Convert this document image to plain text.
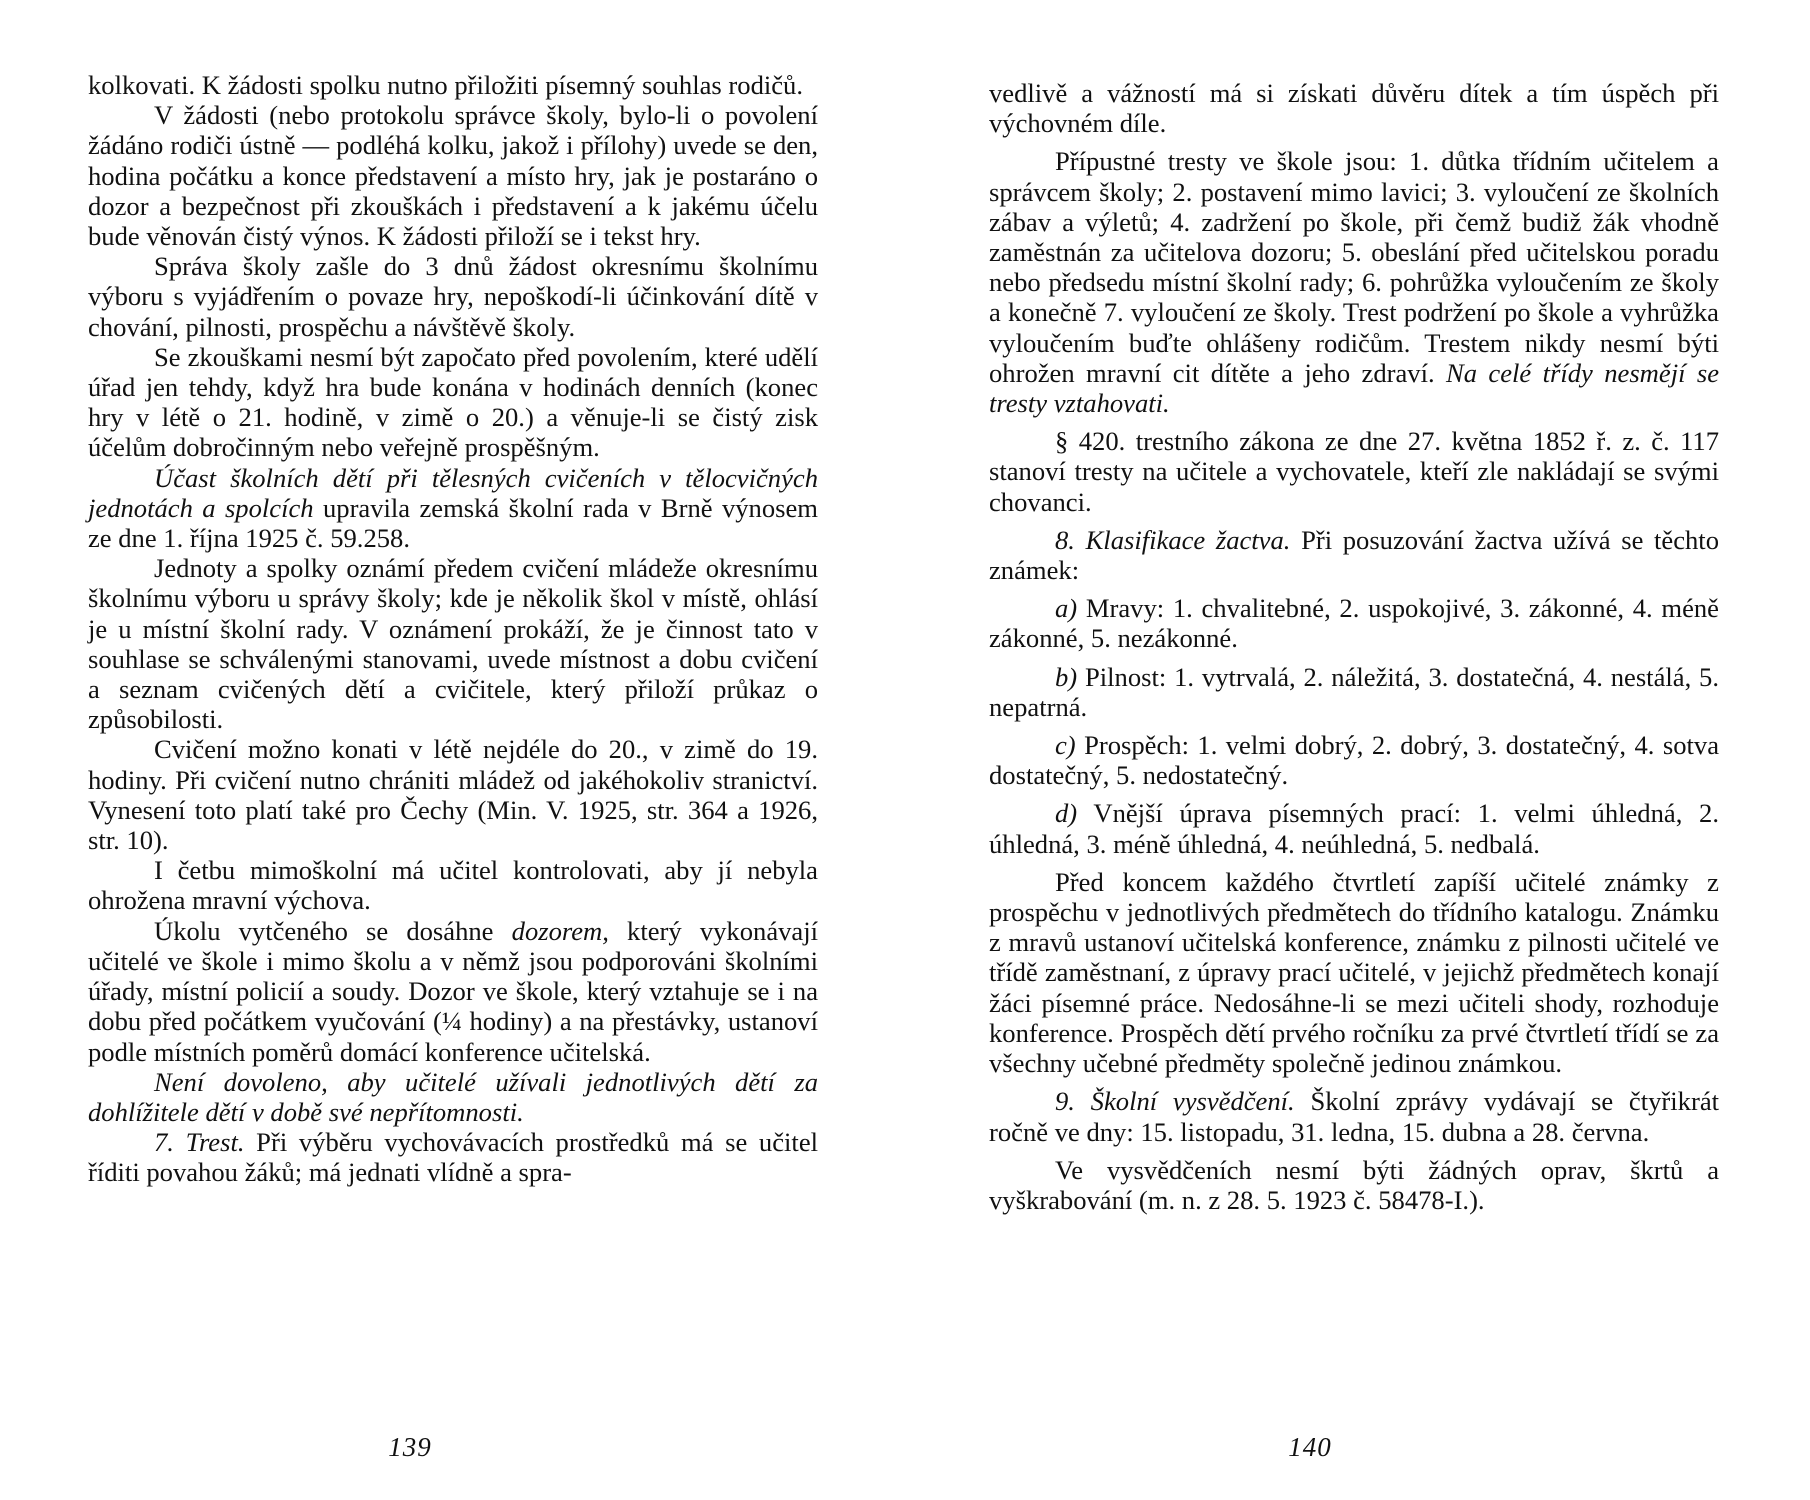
kolkovati. K žádosti spolku nutno přiložiti písemný souhlas rodičů.

V žádosti (nebo protokolu správce školy, bylo-li o povolení žádáno rodiči ústně — podléhá kolku, jakož i přílohy) uvede se den, hodina počátku a konce představení a místo hry, jak je postaráno o dozor a bezpečnost při zkouškách i představení a k jakému účelu bude věnován čistý výnos. K žádosti přiloží se i tekst hry.

Správa školy zašle do 3 dnů žádost okresnímu školnímu výboru s vyjádřením o povaze hry, nepoškodí-li účinkování dítě v chování, pilnosti, prospěchu a návštěvě školy.

Se zkouškami nesmí být započato před povolením, které udělí úřad jen tehdy, když hra bude konána v hodinách denních (konec hry v létě o 21. hodině, v zimě o 20.) a věnuje-li se čistý zisk účelům dobročinným nebo veřejně prospěšným.

Účast školních dětí při tělesných cvičeních v tělocvičných jednotách a spolcích upravila zemská školní rada v Brně výnosem ze dne 1. října 1925 č. 59.258.

Jednoty a spolky oznámí předem cvičení mládeže okresnímu školnímu výboru u správy školy; kde je několik škol v místě, ohlásí je u místní školní rady. V oznámení prokáží, že je činnost tato v souhlase se schválenými stanovami, uvede místnost a dobu cvičení a seznam cvičených dětí a cvičitele, který přiloží průkaz o způsobilosti.

Cvičení možno konati v létě nejdéle do 20., v zimě do 19. hodiny. Při cvičení nutno chrániti mládež od jakéhokoliv stranictví. Vynesení toto platí také pro Čechy (Min. V. 1925, str. 364 a 1926, str. 10).

I četbu mimoškolní má učitel kontrolovati, aby jí nebyla ohrožena mravní výchova.

Úkolu vytčeného se dosáhne dozorem, který vykonávají učitelé ve škole i mimo školu a v němž jsou podporováni školními úřady, místní policií a soudy. Dozor ve škole, který vztahuje se i na dobu před počátkem vyučování (¼ hodiny) a na přestávky, ustanoví podle místních poměrů domácí konference učitelská.

Není dovoleno, aby učitelé užívali jednotlivých dětí za dohlížitele dětí v době své nepřítomnosti.

7. Trest. Při výběru vychovávacích prostředků má se učitel říditi povahou žáků; má jednati vlídně a spra-

139

vedlivě a vážností má si získati důvěru dítek a tím úspěch při výchovném díle.

Přípustné tresty ve škole jsou: 1. důtka třídním učitelem a správcem školy; 2. postavení mimo lavici; 3. vyloučení ze školních zábav a výletů; 4. zadržení po škole, při čemž budiž žák vhodně zaměstnán za učitelova dozoru; 5. obeslání před učitelskou poradu nebo předsedu místní školní rady; 6. pohrůžka vyloučením ze školy a konečně 7. vyloučení ze školy. Trest podržení po škole a vyhrůžka vyloučením buďte ohlášeny rodičům. Trestem nikdy nesmí býti ohrožen mravní cit dítěte a jeho zdraví. Na celé třídy nesmějí se tresty vztahovati.

§ 420. trestního zákona ze dne 27. května 1852 ř. z. č. 117 stanoví tresty na učitele a vychovatele, kteří zle nakládají se svými chovanci.

8. Klasifikace žactva. Při posuzování žactva užívá se těchto známek:

a) Mravy: 1. chvalitebné, 2. uspokojivé, 3. zákonné, 4. méně zákonné, 5. nezákonné.

b) Pilnost: 1. vytrvalá, 2. náležitá, 3. dostatečná, 4. nestálá, 5. nepatrná.

c) Prospěch: 1. velmi dobrý, 2. dobrý, 3. dostatečný, 4. sotva dostatečný, 5. nedostatečný.

d) Vnější úprava písemných prací: 1. velmi úhledná, 2. úhledná, 3. méně úhledná, 4. neúhledná, 5. nedbalá.

Před koncem každého čtvrtletí zapíší učitelé známky z prospěchu v jednotlivých předmětech do třídního katalogu. Známku z mravů ustanoví učitelská konference, známku z pilnosti učitelé ve třídě zaměstnaní, z úpravy prací učitelé, v jejichž předmětech konají žáci písemné práce. Nedosáhne-li se mezi učiteli shody, rozhoduje konference. Prospěch dětí prvého ročníku za prvé čtvrtletí třídí se za všechny učebné předměty společně jedinou známkou.

9. Školní vysvědčení. Školní zprávy vydávají se čtyřikrát ročně ve dny: 15. listopadu, 31. ledna, 15. dubna a 28. června.

Ve vysvědčeních nesmí býti žádných oprav, škrtů a vyškrabování (m. n. z 28. 5. 1923 č. 58478-I.).

140
